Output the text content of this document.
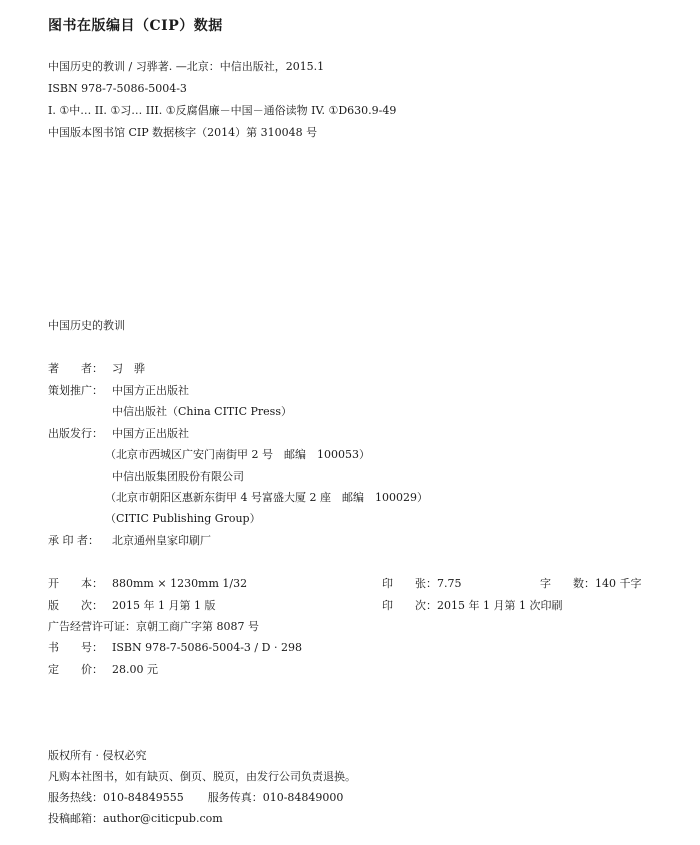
图书在版编目（CIP）数据
中国历史的教训 / 习骅著. —北京：中信出版社，2015.1
ISBN 978-7-5086-5004-3
I. ①中… II. ①习… III. ①反腐倡廉－中国－通俗读物 IV. ①D630.9-49
中国版本图书馆 CIP 数据核字（2014）第 310048 号
中国历史的教训
著　　者： 习　骅
策划推广： 中国方正出版社
中信出版社（China CITIC Press）
出版发行： 中国方正出版社
（北京市西城区广安门南街甲 2 号　邮编　100053）
中信出版集团股份有限公司
（北京市朝阳区惠新东街甲 4 号富盛大厦 2 座　邮编　100029）
（CITIC Publishing Group）
承 印 者： 北京通州皇家印刷厂
开　　本： 880mm × 1230mm 1/32	印　　张：7.75	字　　数：140 千字
版　　次： 2015 年 1 月第 1 版	印　　次：2015 年 1 月第 1 次印刷
广告经营许可证：京朝工商广字第 8087 号
书　　号： ISBN 978-7-5086-5004-3 / D · 298
定　　价： 28.00 元
版权所有 · 侵权必究
凡购本社图书，如有缺页、倒页、脱页，由发行公司负责退换。
服务热线：010-84849555 服务传真：010-84849000
投稿邮箱：author@citicpub.com
